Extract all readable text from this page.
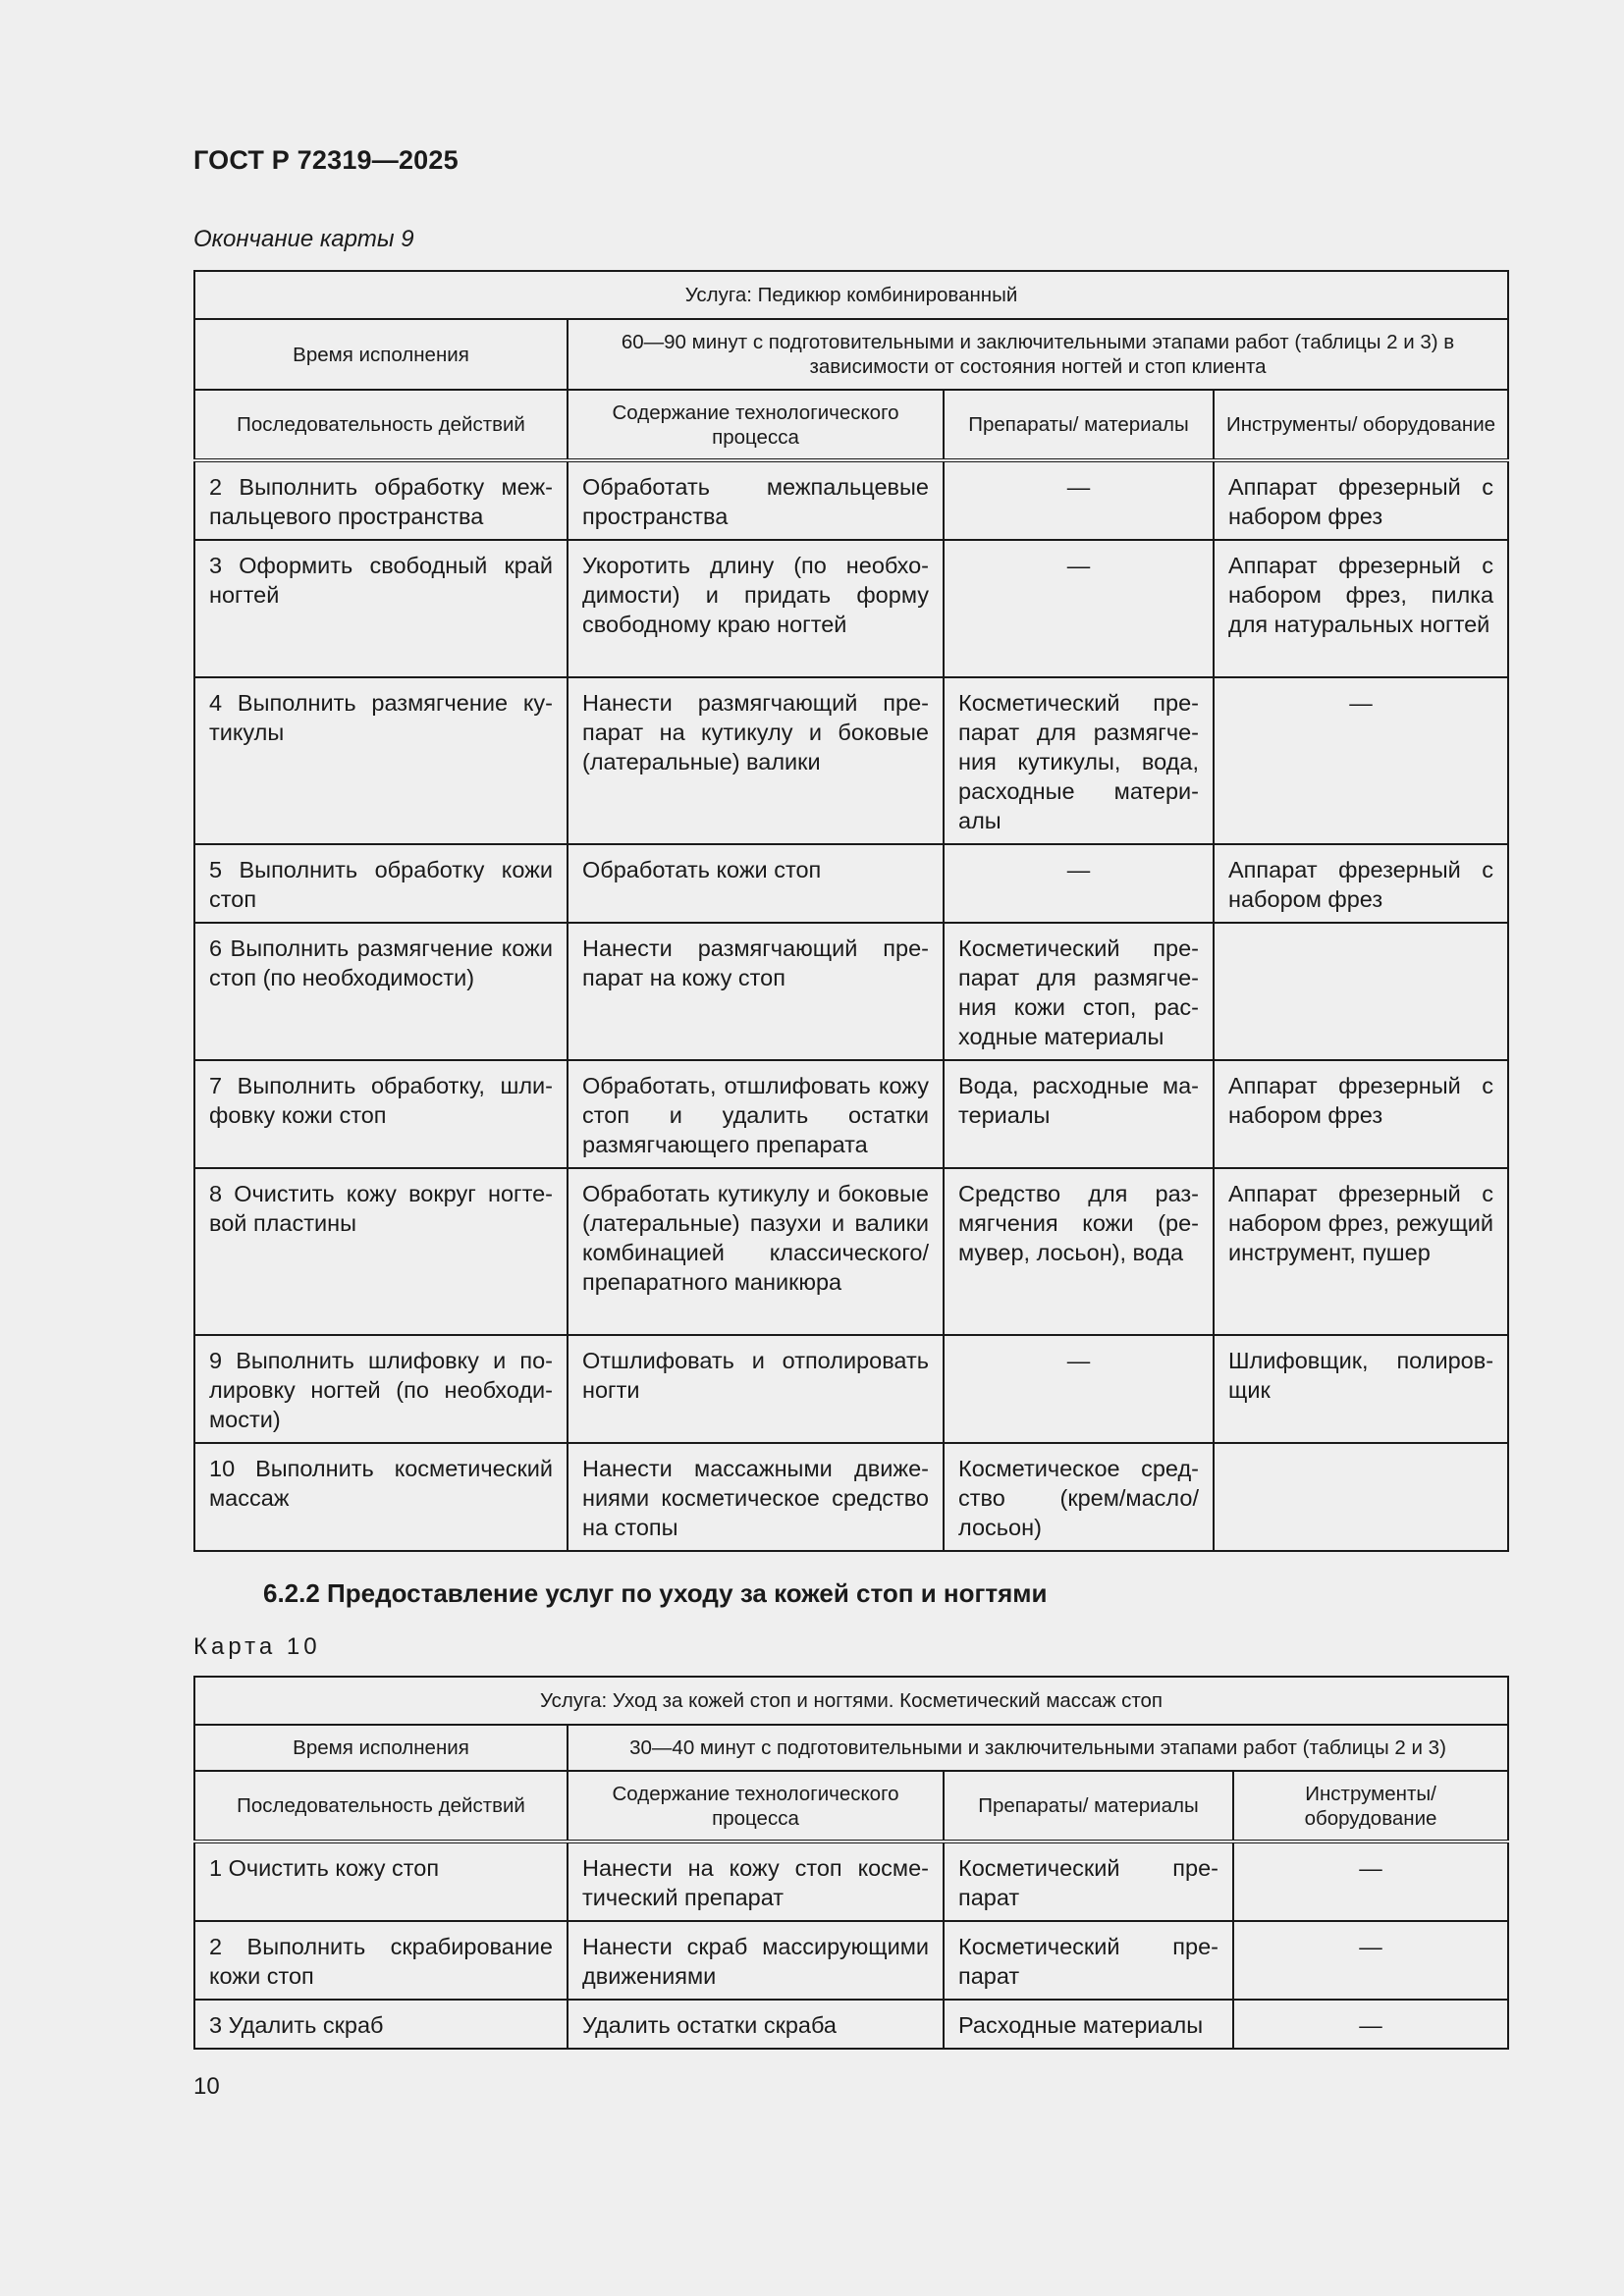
ГОСТ Р 72319—2025
Окончание карты 9
Услуга: Педикюр комбинированный			
Время исполнения	60—90 минут с подготовительными и заключительными этапами работ (таблицы 2 и 3) в зависимости от состояния ногтей и стоп клиента		
Последовательность действий	Содержание технологического процесса	Препараты/ материалы	Инструменты/ оборудование
2 Выполнить обработку межпальцевого пространства	Обработать межпальцевые пространства	—	Аппарат фрезерный с набором фрез
3 Оформить свободный край ногтей	Укоротить длину (по необходимости) и придать форму свободному краю ногтей	—	Аппарат фрезерный с набором фрез, пилка для натуральных ногтей
4 Выполнить размягчение кутикулы	Нанести размягчающий препарат на кутикулу и боковые (латеральные) валики	Косметический препарат для размягчения кутикулы, вода, расходные материалы	—
5 Выполнить обработку кожи стоп	Обработать кожи стоп	—	Аппарат фрезерный с набором фрез
6 Выполнить размягчение кожи стоп (по необходимости)	Нанести размягчающий препарат на кожу стоп	Косметический препарат для размягчения кожи стоп, расходные материалы	
7 Выполнить обработку, шлифовку кожи стоп	Обработать, отшлифовать кожу стоп и удалить остатки размягчающего препарата	Вода, расходные материалы	Аппарат фрезерный с набором фрез
8 Очистить кожу вокруг ногтевой пластины	Обработать кутикулу и боковые (латеральные) пазухи и валики комбинацией классического/препаратного маникюра	Средство для размягчения кожи (ремувер, лосьон), вода	Аппарат фрезерный с набором фрез, режущий инструмент, пушер
9 Выполнить шлифовку и полировку ногтей (по необходимости)	Отшлифовать и отполировать ногти	—	Шлифовщик, полировщик
10 Выполнить косметический массаж	Нанести массажными движениями косметическое средство на стопы	Косметическое средство (крем/масло/ лосьон)	
6.2.2 Предоставление услуг по уходу за кожей стоп и ногтями
Карта 10
Услуга: Уход за кожей стоп и ногтями. Косметический массаж стоп			
Время исполнения	30—40 минут с подготовительными и заключительными этапами работ (таблицы 2 и 3)		
Последовательность действий	Содержание технологического процесса	Препараты/ материалы	Инструменты/ оборудование
1 Очистить кожу стоп	Нанести на кожу стоп косметический препарат	Косметический препарат	—
2 Выполнить скрабирование кожи стоп	Нанести скраб массирующими движениями	Косметический препарат	—
3 Удалить скраб	Удалить остатки скраба	Расходные материалы	—
10
